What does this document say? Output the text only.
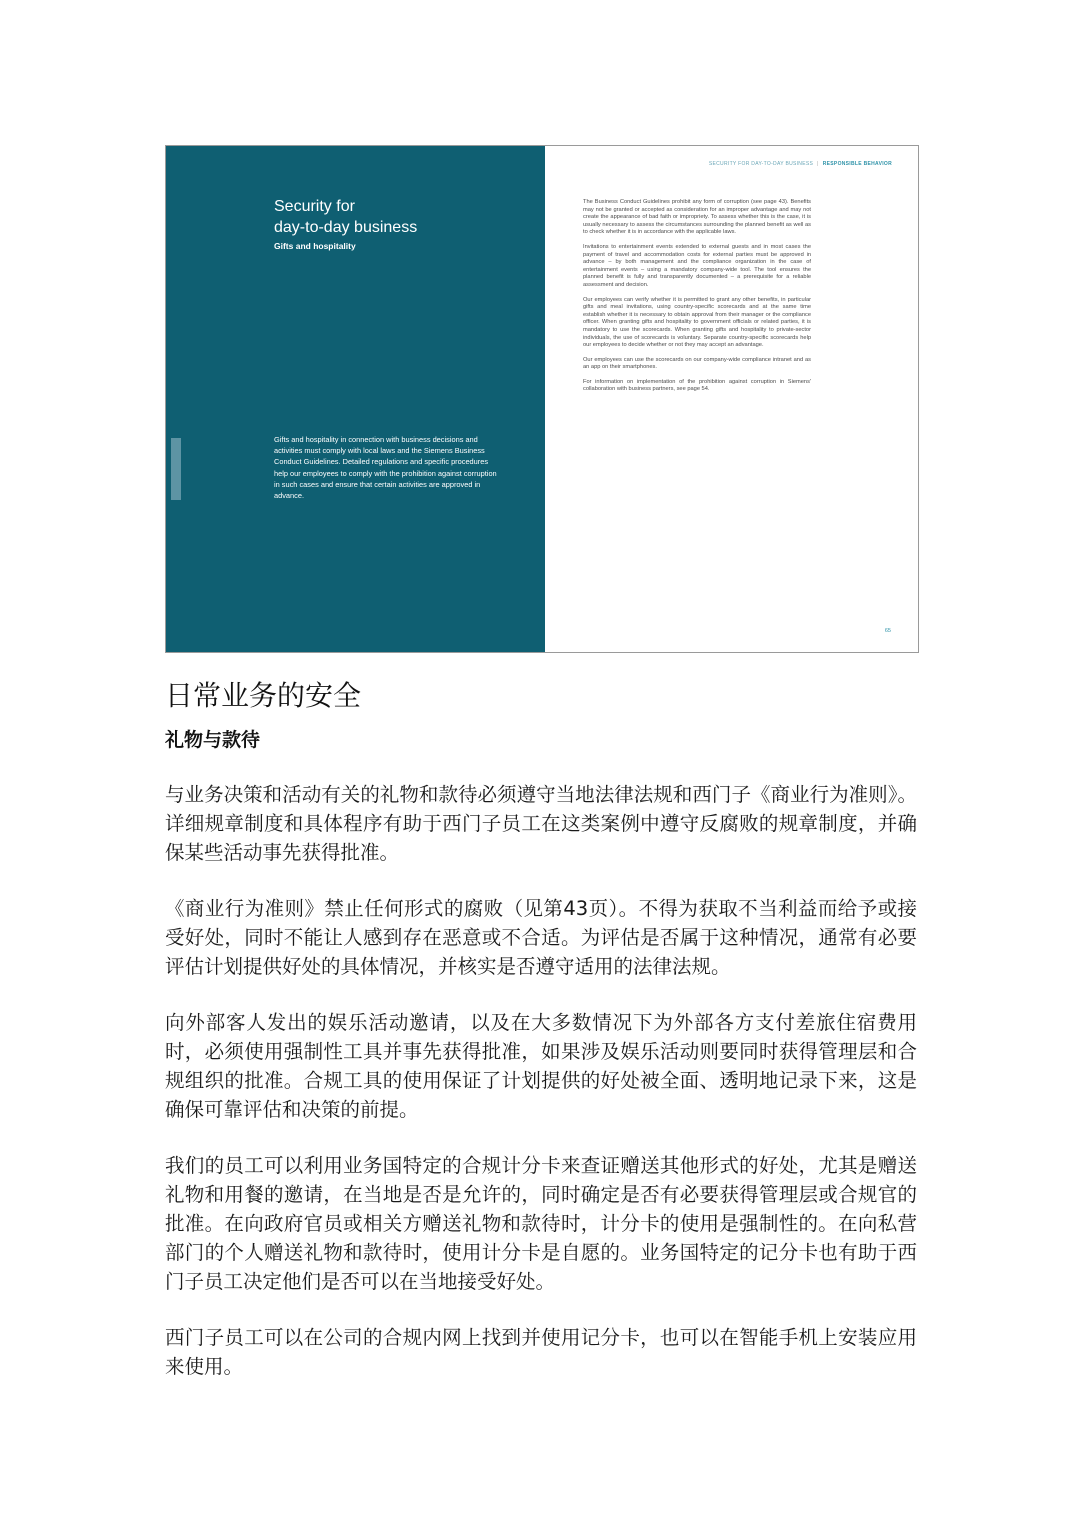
Security for
day-to-day business
Gifts and hospitality
Gifts and hospitality in connection with business decisions and activities must comply with local laws and the Siemens Business Conduct Guidelines. Detailed regulations and specific procedures help our employees to comply with the prohibition against corruption in such cases and ensure that certain activities are approved in advance.
SECURITY FOR DAY-TO-DAY BUSINESS | RESPONSIBLE BEHAVIOR

The Business Conduct Guidelines prohibit any form of corruption (see page 43). Benefits may not be granted or accepted as consideration for an improper advantage and may not create the appearance of bad faith or impropriety. To assess whether this is the case, it is usually necessary to assess the circumstances surrounding the planned benefit as well as to check whether it is in accordance with the applicable laws.

Invitations to entertainment events extended to external guests and in most cases the payment of travel and accommodation costs for external parties must be approved in advance – by both management and the compliance organization in the case of entertainment events – using a mandatory company-wide tool. The tool ensures the planned benefit is fully and transparently documented – a prerequisite for a reliable assessment and decision.

Our employees can verify whether it is permitted to grant any other benefits, in particular gifts and meal invitations, using country-specific scorecards and at the same time establish whether it is necessary to obtain approval from their manager or the compliance officer. When granting gifts and hospitality to government officials or related parties, it is mandatory to use the scorecards. When granting gifts and hospitality to private-sector individuals, the use of scorecards is voluntary. Separate country-specific scorecards help our employees to decide whether or not they may accept an advantage.

Our employees can use the scorecards on our company-wide compliance intranet and as an app on their smartphones.

For information on implementation of the prohibition against corruption in Siemens' collaboration with business partners, see page 54.

65
日常业务的安全
礼物与款待

与业务决策和活动有关的礼物和款待必须遵守当地法律法规和西门子《商业行为准则》。详细规章制度和具体程序有助于西门子员工在这类案例中遵守反腐败的规章制度，并确保某些活动事先获得批准。

《商业行为准则》禁止任何形式的腐败（见第43页）。不得为获取不当利益而给予或接受好处，同时不能让人感到存在恶意或不合适。为评估是否属于这种情况，通常有必要评估计划提供好处的具体情况，并核实是否遵守适用的法律法规。

向外部客人发出的娱乐活动邀请，以及在大多数情况下为外部各方支付差旅住宿费用时，必须使用强制性工具并事先获得批准，如果涉及娱乐活动则要同时获得管理层和合规组织的批准。合规工具的使用保证了计划提供的好处被全面、透明地记录下来，这是确保可靠评估和决策的前提。

我们的员工可以利用业务国特定的合规计分卡来查证赠送其他形式的好处，尤其是赠送礼物和用餐的邀请，在当地是否是允许的，同时确定是否有必要获得管理层或合规官的批准。在向政府官员或相关方赠送礼物和款待时，计分卡的使用是强制性的。在向私营部门的个人赠送礼物和款待时，使用计分卡是自愿的。业务国特定的记分卡也有助于西门子员工决定他们是否可以在当地接受好处。

西门子员工可以在公司的合规内网上找到并使用记分卡，也可以在智能手机上安装应用来使用。
